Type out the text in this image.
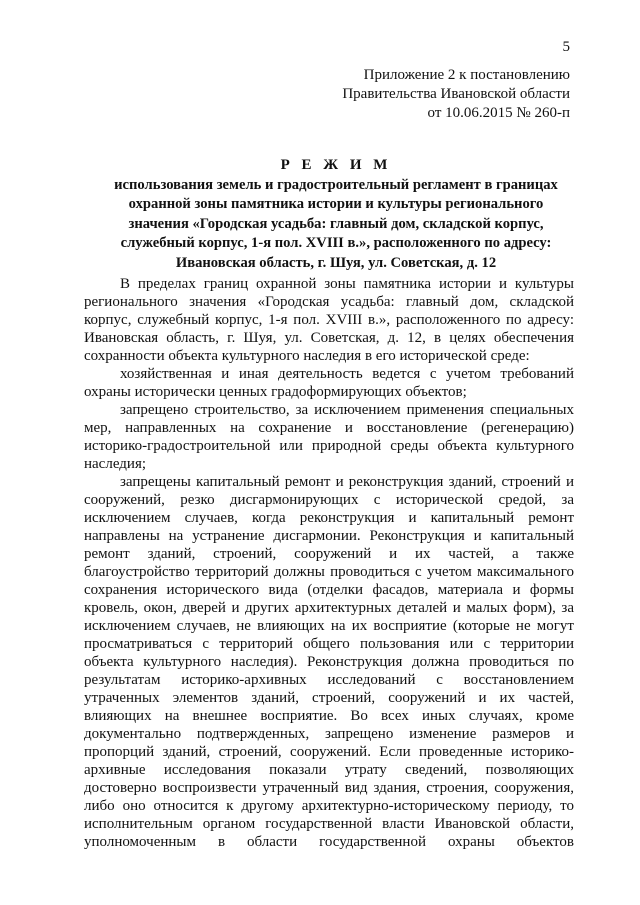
5
Приложение 2 к постановлению
Правительства Ивановской области
от 10.06.2015 № 260-п
Р Е Ж И М
использования земель и градостроительный регламент в границах
охранной зоны памятника истории и культуры регионального
значения «Городская усадьба: главный дом, складской корпус,
служебный корпус, 1-я пол. XVIII в.», расположенного по адресу:
Ивановская область, г. Шуя, ул. Советская, д. 12
В пределах границ охранной зоны памятника истории и культуры
регионального значения «Городская усадьба: главный дом, складской
корпус, служебный корпус, 1-я пол. XVIII в.», расположенного по адресу:
Ивановская область, г. Шуя, ул. Советская, д. 12, в целях обеспечения
сохранности объекта культурного наследия в его исторической среде:
хозяйственная и иная деятельность ведется с учетом требований
охраны исторически ценных градоформирующих объектов;
запрещено строительство, за исключением применения специальных
мер, направленных на сохранение и восстановление (регенерацию)
историко-градостроительной или природной среды объекта культурного
наследия;
запрещены капитальный ремонт и реконструкция зданий, строений и
сооружений, резко дисгармонирующих с исторической средой, за
исключением случаев, когда реконструкция и капитальный ремонт
направлены на устранение дисгармонии. Реконструкция и капитальный
ремонт зданий, строений, сооружений и их частей, а также
благоустройство территорий должны проводиться с учетом максимального
сохранения исторического вида (отделки фасадов, материала и формы
кровель, окон, дверей и других архитектурных деталей и малых форм), за
исключением случаев, не влияющих на их восприятие (которые не могут
просматриваться с территорий общего пользования или с территории
объекта культурного наследия). Реконструкция должна проводиться по
результатам историко-архивных исследований с восстановлением
утраченных элементов зданий, строений, сооружений и их частей,
влияющих на внешнее восприятие. Во всех иных случаях, кроме
документально подтвержденных, запрещено изменение размеров и
пропорций зданий, строений, сооружений. Если проведенные историко-
архивные исследования показали утрату сведений, позволяющих
достоверно воспроизвести утраченный вид здания, строения, сооружения,
либо оно относится к другому архитектурно-историческому периоду, то
исполнительным органом государственной власти Ивановской области,
уполномоченным в области государственной охраны объектов
